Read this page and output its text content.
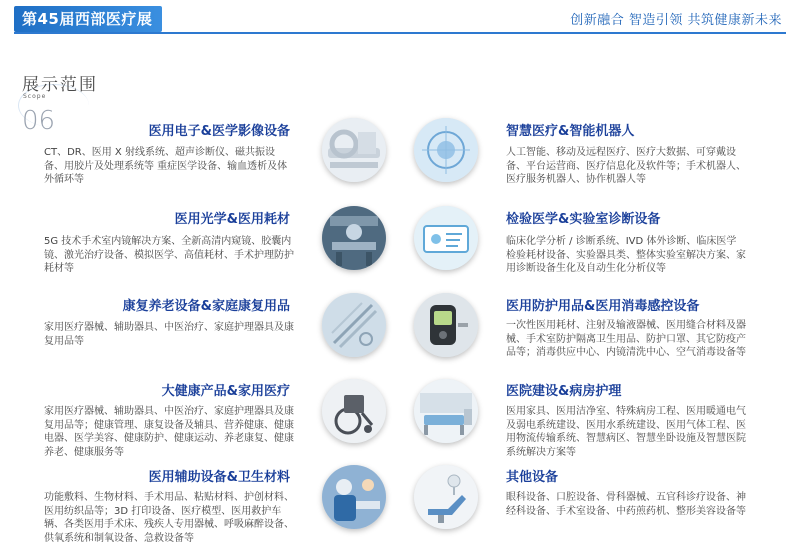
第45届西部医疗展	创新融合 智造引领 共筑健康新未来
展示范围
Scope
06	医用电子&医学影像设备
CT、DR、医用 X 射线系统、超声诊断仪、磁共振设备、用胶片及处理系统等 重症医学设备、输血透析及体外循环等
医用光学&医用耗材
5G 技术手术室内镜解决方案、全新高清内窥镜、胶囊内镜、激光治疗设备、模拟医学、高值耗材、手术护理防护耗材等
康复养老设备&家庭康复用品
家用医疗器械、辅助器具、中医治疗、家庭护理器具及康复用品等
大健康产品&家用医疗
家用医疗器械、辅助器具、中医治疗、家庭护理器具及康复用品等；健康管理、康复设备及辅具、营养健康、健康电器、医学美容、健康防护、健康运动、养老康复、健康养老、健康服务等
医用辅助设备&卫生材料
功能敷料、生物材料、手术用品、粘贴材料、护创材料、医用纺织品等；3D 打印设备、医疗模型、医用救护车辆、各类医用手术床、残疾人专用器械、呼吸麻醉设备、供氧系统和制氧设备、急救设备等
智慧医疗&智能机器人
人工智能、移动及远程医疗、医疗大数据、可穿戴设备、平台运营商、医疗信息化及软件等；手术机器人、医疗服务机器人、协作机器人等
检验医学&实验室诊断设备
临床化学分析 / 诊断系统、IVD 体外诊断、临床医学检验耗材设备、实验器具类、整体实验室解决方案、家用诊断设备生化及自动生化分析仪等
医用防护用品&医用消毒感控设备
一次性医用耗材、注射及输液器械、医用缝合材料及器械、手术室防护隔离卫生用品、防护口罩、其它防疫产品等；消毒供应中心、内镜清洗中心、空气消毒设备等
医院建设&病房护理
医用家具、医用洁净室、特殊病房工程、医用暖通电气及弱电系统建设、医用水系统建设、医用气体工程、医用物流传输系统、智慧病区、智慧坐卧设施及智慧医院系统解决方案等
其他设备
眼科设备、口腔设备、骨科器械、五官科诊疗设备、神经科设备、手术室设备、中药煎药机、整形美容设备等
